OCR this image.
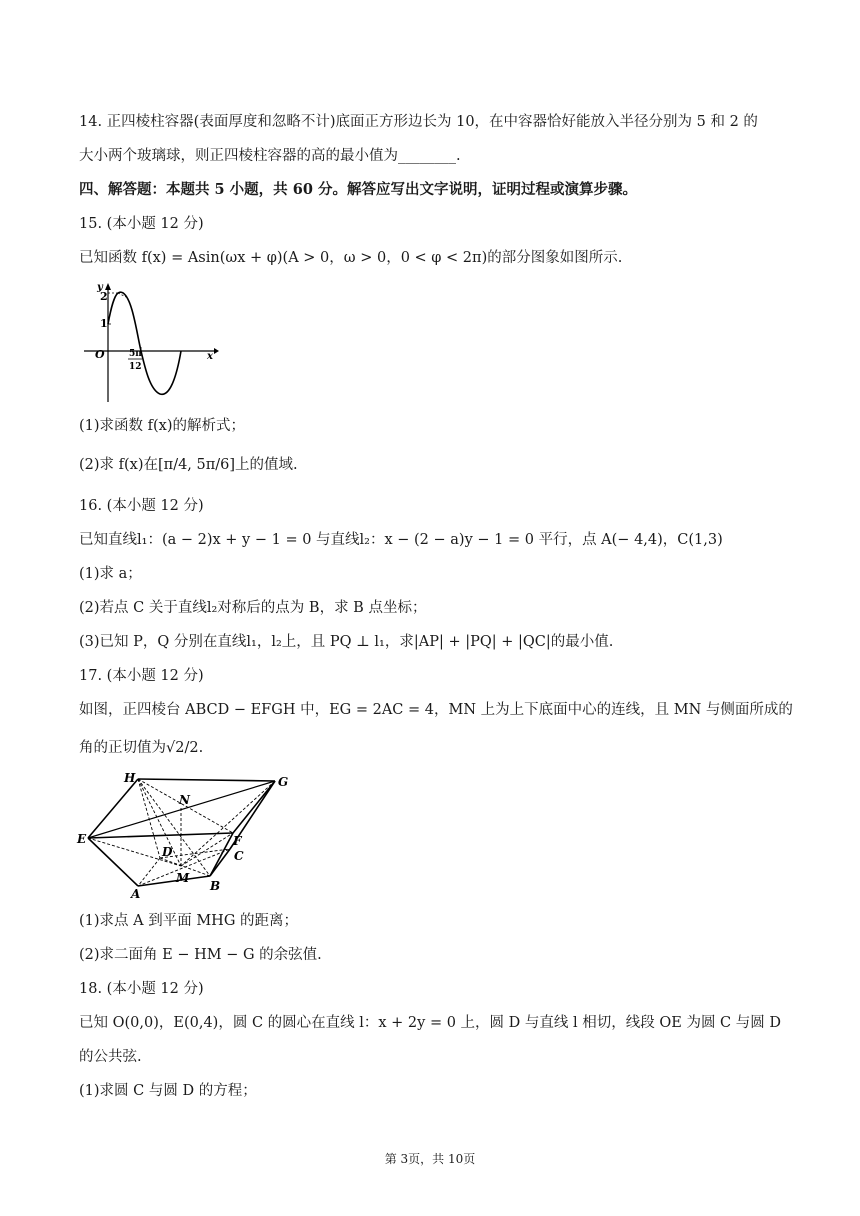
14. 正四棱柱容器(表面厚度和忽略不计)底面正方形边长为 10，在中容器恰好能放入半径分别为 5 和 2 的
大小两个玻璃球，则正四棱柱容器的高的最小值为________.
四、解答题：本题共 5 小题，共 60 分。解答应写出文字说明，证明过程或演算步骤。
15. (本小题 12 分)
已知函数 f(x) = Asin(ωx + φ)(A > 0，ω > 0，0 < φ < 2π)的部分图象如图所示.
y
2
1
O	x
5π
12
(1)求函数 f(x)的解析式；
(2)求 f(x)在[π/4, 5π/6]上的值域.
16. (本小题 12 分)
已知直线l₁：(a − 2)x + y − 1 = 0 与直线l₂：x − (2 − a)y − 1 = 0 平行，点 A(− 4,4)，C(1,3)
(1)求 a；
(2)若点 C 关于直线l₂对称后的点为 B，求 B 点坐标；
(3)已知 P，Q 分别在直线l₁，l₂上，且 PQ ⊥ l₁，求|AP| + |PQ| + |QC|的最小值.
17. (本小题 12 分)
如图，正四棱台 ABCD − EFGH 中，EG = 2AC = 4，MN 上为上下底面中心的连线，且 MN 与侧面所成的
角的正切值为√2/2.
H	G
N
E	F
D	C
M
A
B
(1)求点 A 到平面 MHG 的距离；
(2)求二面角 E − HM − G 的余弦值.
18. (本小题 12 分)
已知 O(0,0)，E(0,4)，圆 C 的圆心在直线 l：x + 2y = 0 上，圆 D 与直线 l 相切，线段 OE 为圆 C 与圆 D
的公共弦.
(1)求圆 C 与圆 D 的方程；
第 3页，共 10页
